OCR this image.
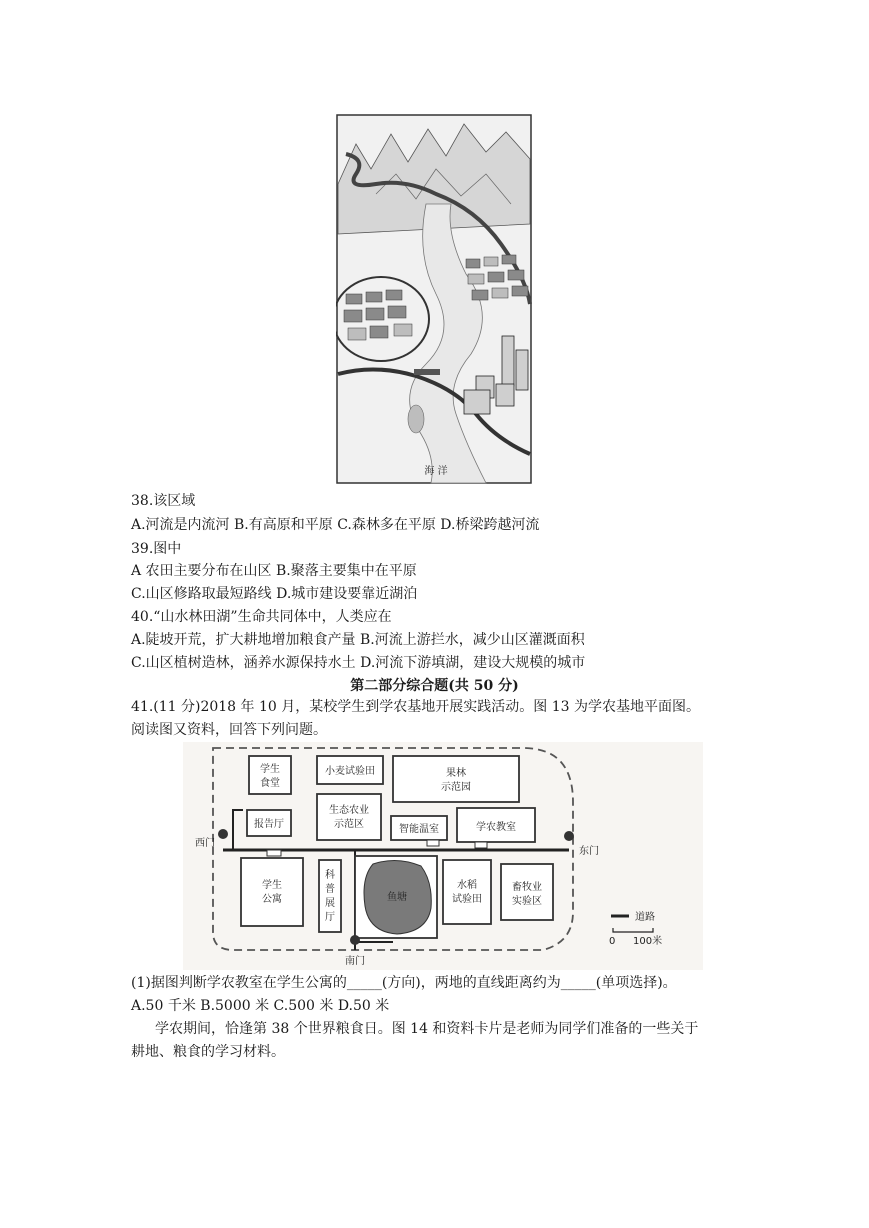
海 洋
38.该区域
A.河流是内流河 B.有高原和平原 C.森林多在平原 D.桥梁跨越河流
39.图中
A 农田主要分布在山区 B.聚落主要集中在平原
C.山区修路取最短路线 D.城市建设要靠近湖泊
40.“山水林田湖”生命共同体中，人类应在
A.陡坡开荒，扩大耕地增加粮食产量 B.河流上游拦水，减少山区灌溉面积
C.山区植树造林，涵养水源保持水土 D.河流下游填湖，建设大规模的城市
第二部分综合题(共 50 分)
41.(11 分)2018 年 10 月，某校学生到学农基地开展实践活动。图 13 为学农基地平面图。
阅读图又资料，回答下列问题。
学生
食堂
小麦试验田	果林
示范园
报告厅
生态农业
示范区	智能温室	学农教室
西门
东门
学生
公寓
科
普
展
厅
鱼塘
水稻
试验田
畜牧业
实验区
南门
道路
0 100米
(1)据图判断学农教室在学生公寓的_____(方向)，两地的直线距离约为_____(单项选择)。
A.50 千米 B.5000 米 C.500 米 D.50 米
学农期间，恰逢第 38 个世界粮食日。图 14 和资料卡片是老师为同学们准备的一些关于
耕地、粮食的学习材料。
